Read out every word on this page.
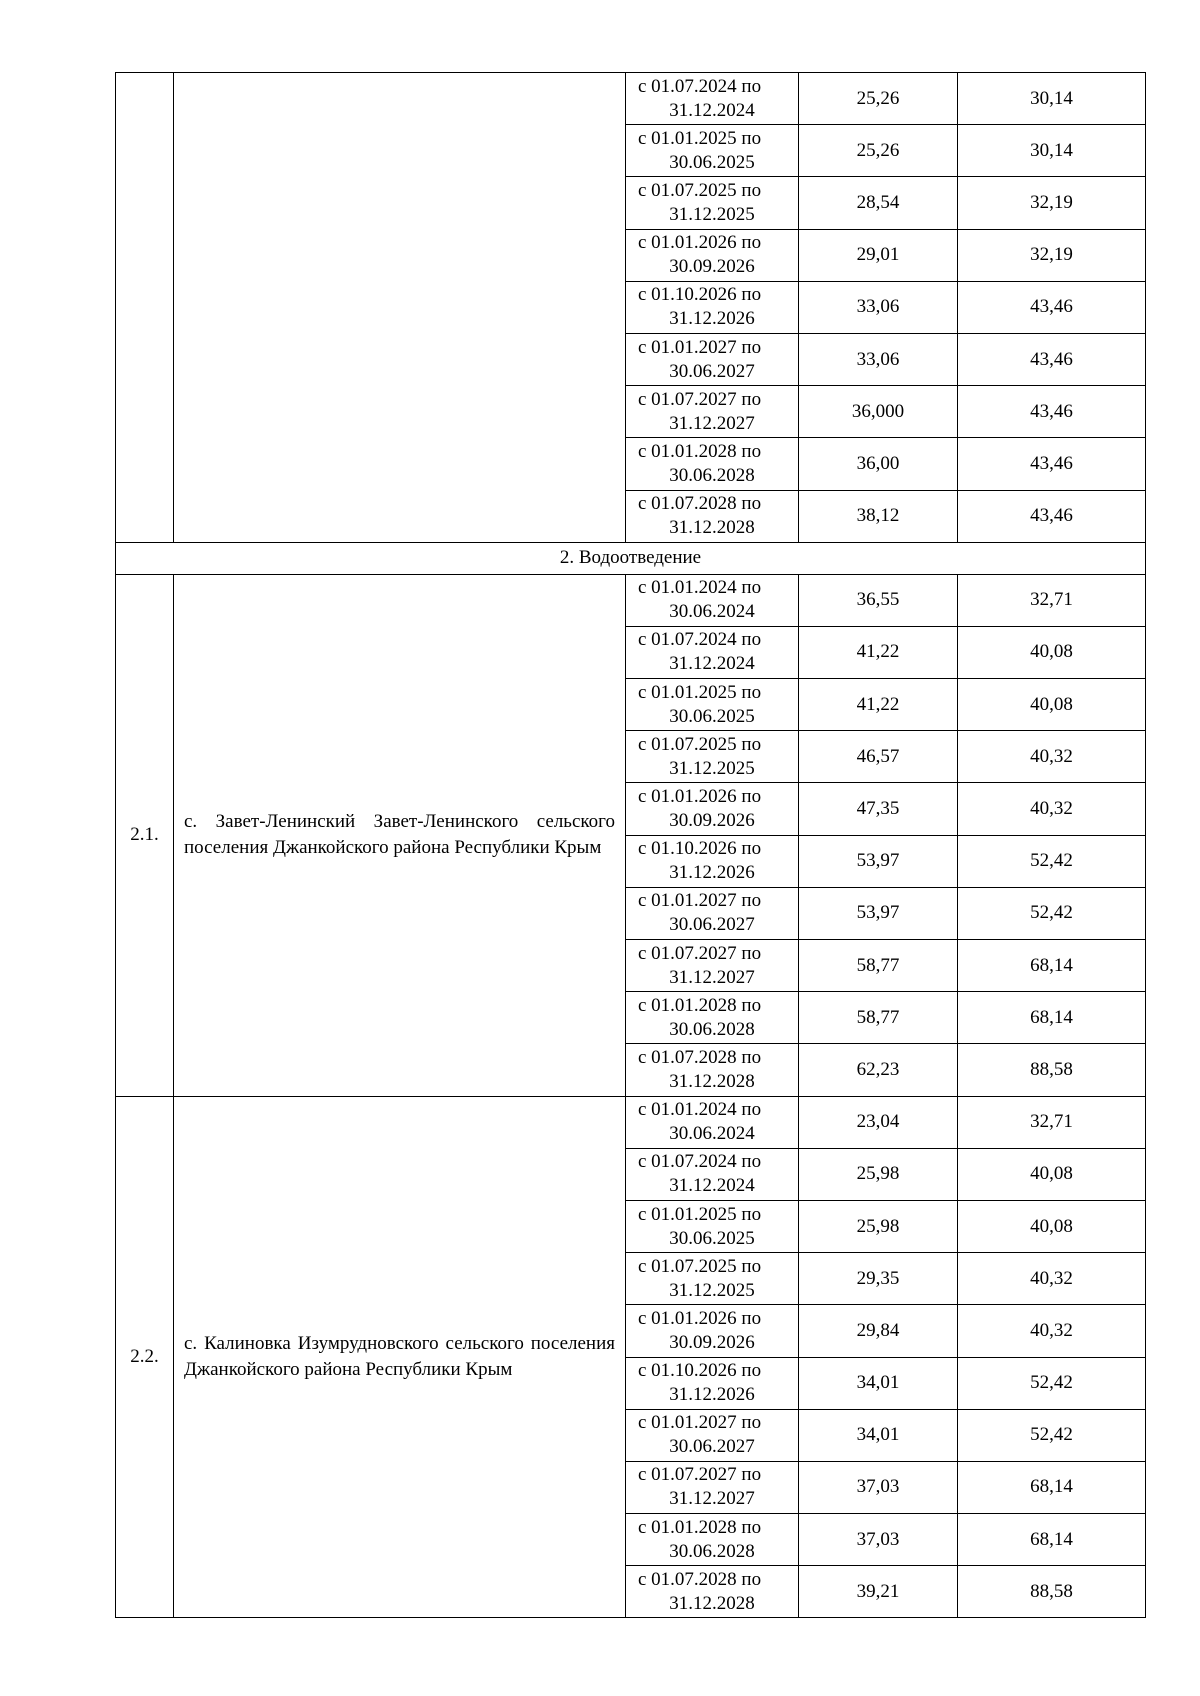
		с 01.07.2024 по
31.12.2024	25,26	30,14

		с 01.01.2025 по
30.06.2025	25,26	30,14

		с 01.07.2025 по
31.12.2025	28,54	32,19

		с 01.01.2026 по
30.09.2026	29,01	32,19

		с 01.10.2026 по
31.12.2026	33,06	43,46

		с 01.01.2027 по
30.06.2027	33,06	43,46

		с 01.07.2027 по
31.12.2027	36,000	43,46

		с 01.01.2028 по
30.06.2028	36,00	43,46

		с 01.07.2028 по
31.12.2028	38,12	43,46
2. Водоотведение				
2.1.	с. Завет-Ленинский Завет-Ленинского сельского поселения Джанкойского района Республики Крым	с 01.01.2024 по
30.06.2024	36,55	32,71

		с 01.07.2024 по
31.12.2024	41,22	40,08

		с 01.01.2025 по
30.06.2025	41,22	40,08

		с 01.07.2025 по
31.12.2025	46,57	40,32

		с 01.01.2026 по
30.09.2026	47,35	40,32

		с 01.10.2026 по
31.12.2026	53,97	52,42

		с 01.01.2027 по
30.06.2027	53,97	52,42

		с 01.07.2027 по
31.12.2027	58,77	68,14

		с 01.01.2028 по
30.06.2028	58,77	68,14

		с 01.07.2028 по
31.12.2028	62,23	88,58
2.2.	с. Калиновка Изумрудновского сельского поселения Джанкойского района Республики Крым	с 01.01.2024 по
30.06.2024	23,04	32,71

		с 01.07.2024 по
31.12.2024	25,98	40,08

		с 01.01.2025 по
30.06.2025	25,98	40,08

		с 01.07.2025 по
31.12.2025	29,35	40,32

		с 01.01.2026 по
30.09.2026	29,84	40,32

		с 01.10.2026 по
31.12.2026	34,01	52,42

		с 01.01.2027 по
30.06.2027	34,01	52,42

		с 01.07.2027 по
31.12.2027	37,03	68,14

		с 01.01.2028 по
30.06.2028	37,03	68,14

		с 01.07.2028 по
31.12.2028	39,21	88,58
